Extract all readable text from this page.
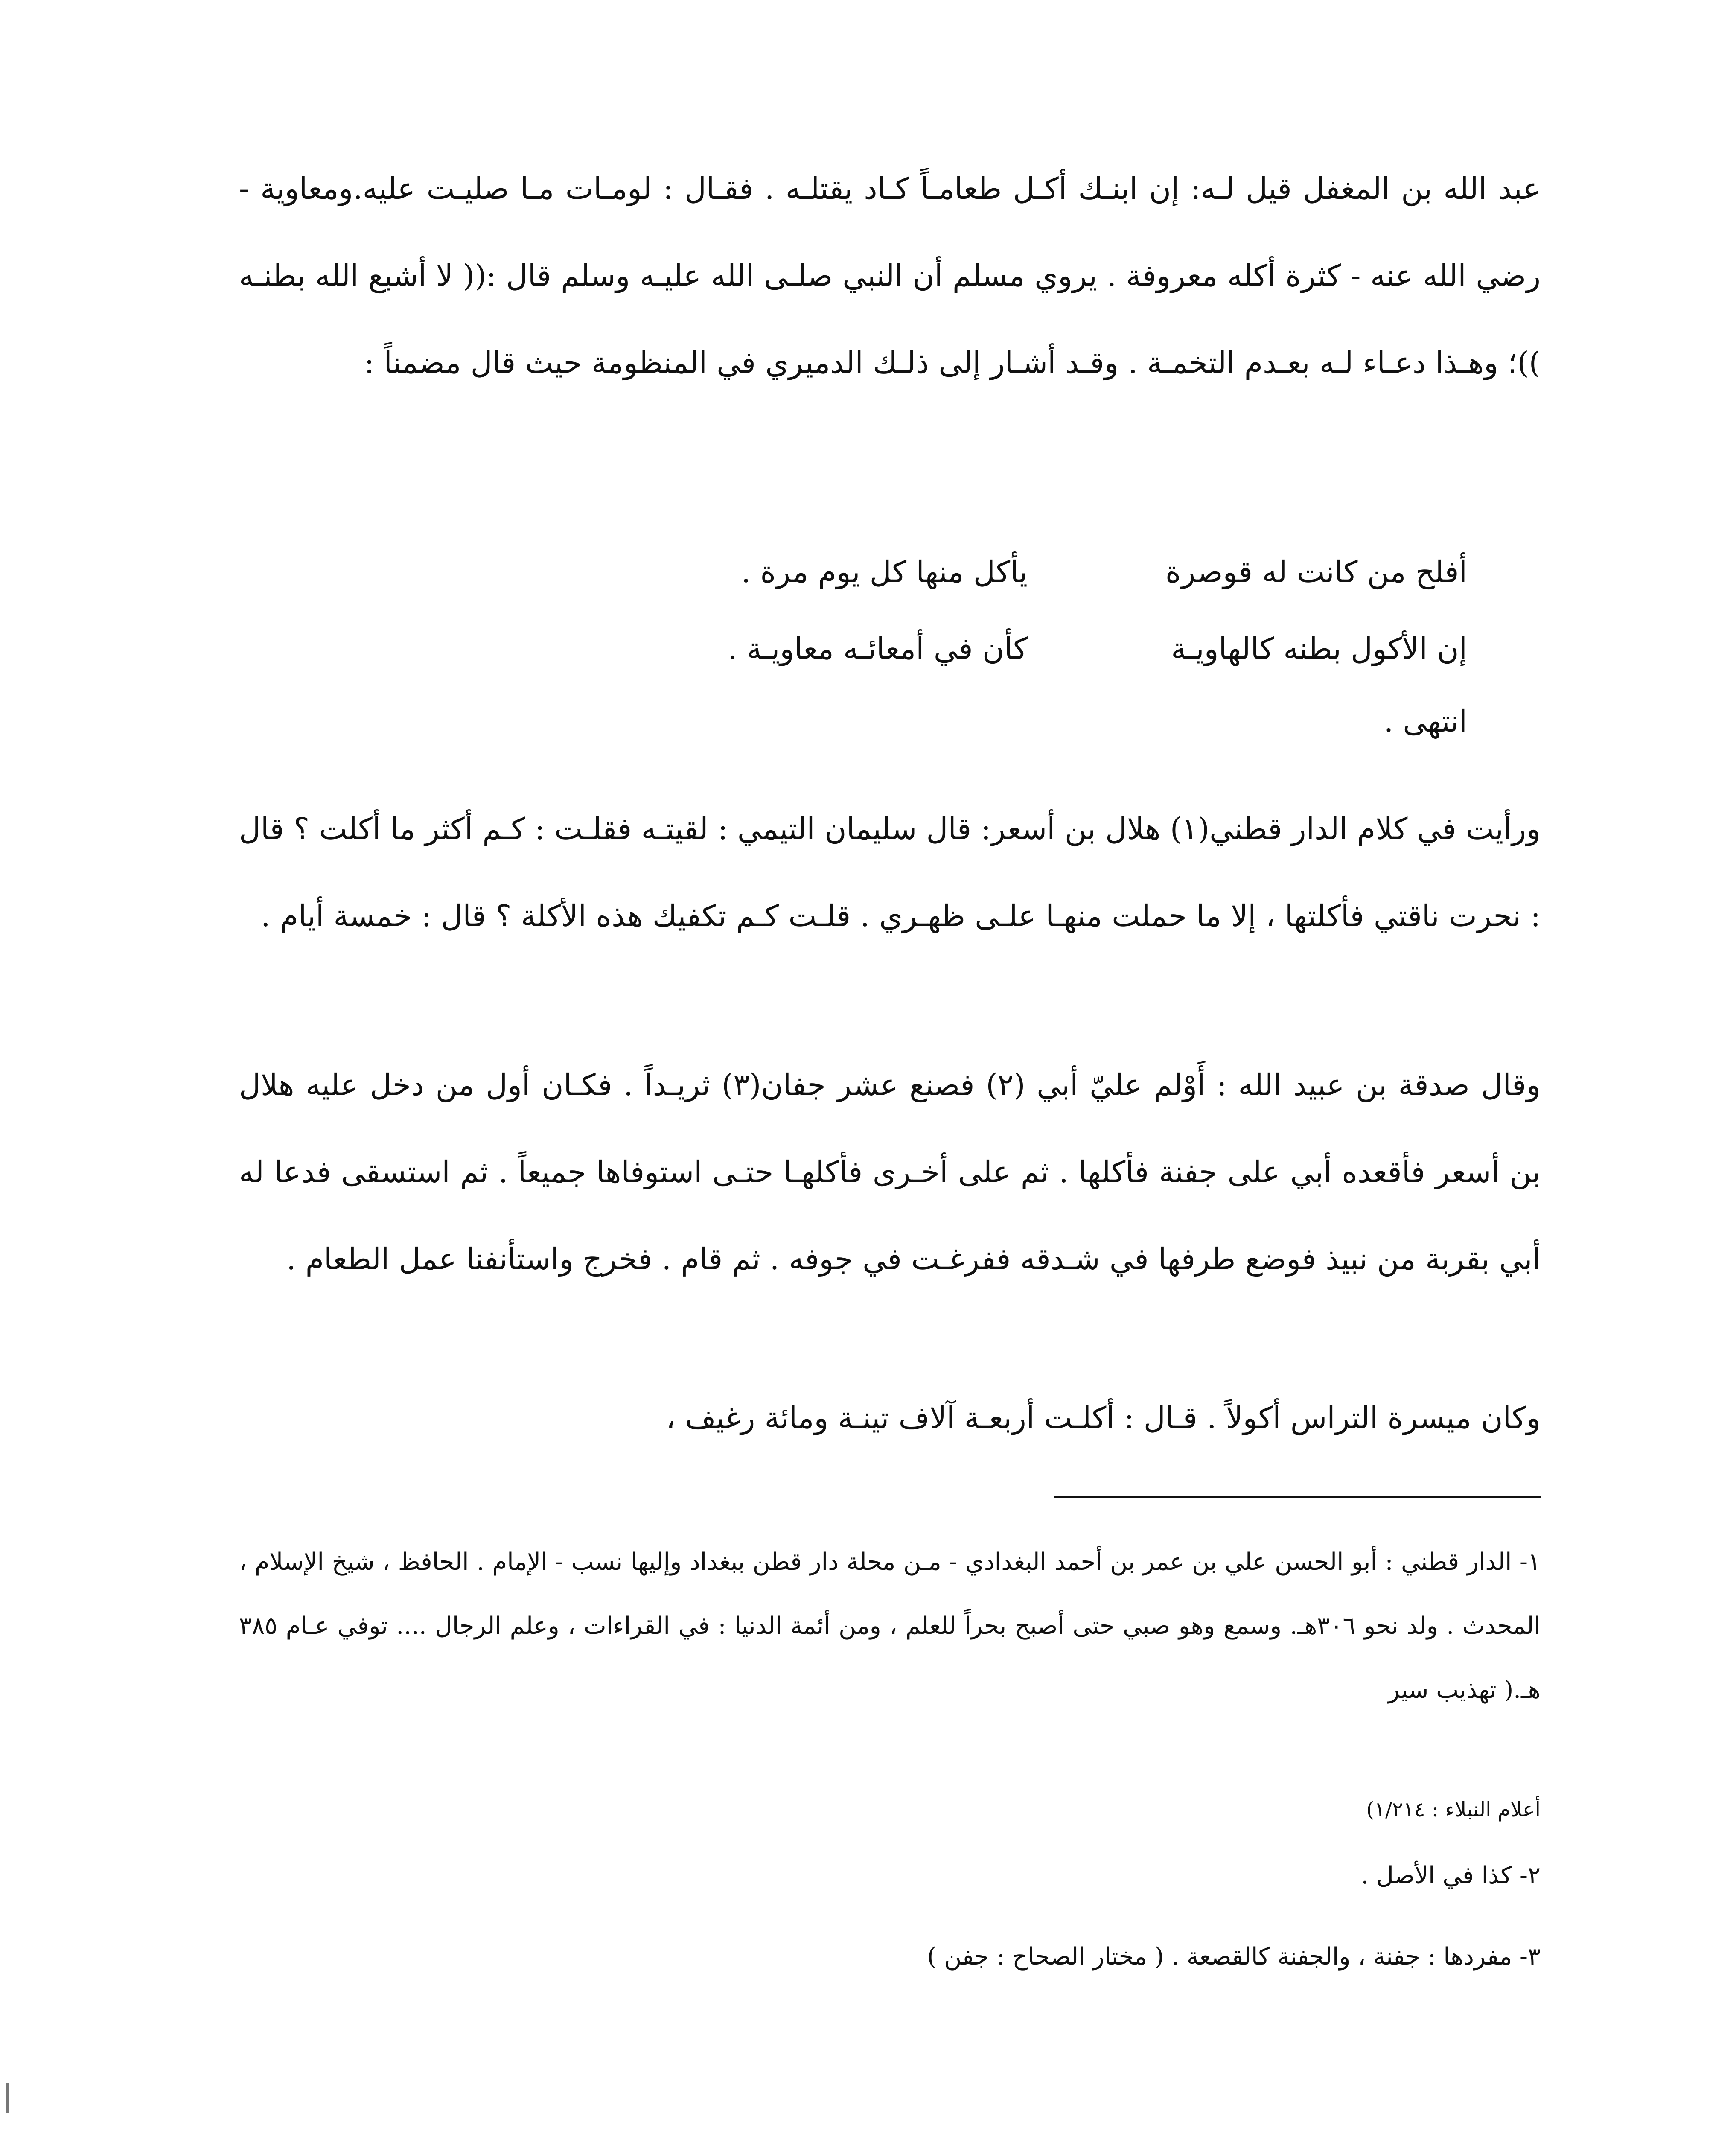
عبد الله بن المغفل قيل لـه: إن ابنـك أكـل طعامـاً كـاد يقتلـه . فقـال : لومـات مـا صليـت عليه.ومعاوية - رضي الله عنه - كثرة أكله معروفة . يروي مسلم أن النبي صلـى الله عليـه وسلم قال :(( لا أشبع الله بطنـه ))؛ وهـذا دعـاء لـه بعـدم التخمـة . وقـد أشـار إلى ذلـك الدميري في المنظومة حيث قال مضمناً :

أفلح من كانت له قوصرة
يأكل منها كل يوم مرة .
إن الأكول بطنه كالهاويـة
كأن في أمعائـه معاويـة .
انتهى .

ورأيت في كلام الدار قطني(١) هلال بن أسعر: قال سليمان التيمي : لقيتـه فقلـت : كـم أكثر ما أكلت ؟ قال : نحرت ناقتي فأكلتها ، إلا ما حملت منهـا علـى ظهـري . قلـت كـم تكفيك هذه الأكلة ؟ قال : خمسة أيام .

وقال صدقة بن عبيد الله : أَوْلم عليّ أبي (٢) فصنع عشر جفان(٣) ثريـداً . فكـان أول من دخل عليه هلال بن أسعر فأقعده أبي على جفنة فأكلها . ثم على أخـرى فأكلهـا حتـى استوفاها جميعاً . ثم استسقى فدعا له أبي بقربة من نبيذ فوضع طرفها في شـدقه ففرغـت في جوفه . ثم قام . فخرج واستأنفنا عمل الطعام .

وكان ميسرة التراس أكولاً . قـال : أكلـت أربعـة آلاف تينـة ومائة رغيف ،

١- الدار قطني : أبو الحسن علي بن عمر بن أحمد البغدادي - مـن محلة دار قطن ببغداد وإليها نسب - الإمام . الحافظ ، شيخ الإسلام ، المحدث . ولد نحو ٣٠٦هـ. وسمع وهو صبي حتى أصبح بحراً للعلم ، ومن أئمة الدنيا : في القراءات ، وعلم الرجال .... توفي عـام ٣٨٥ هـ.( تهذيب سير

أعلام النبلاء : ١/٢١٤)

٢- كذا في الأصل .

٣- مفردها : جفنة ، والجفنة كالقصعة . ( مختار الصحاح : جفن )
